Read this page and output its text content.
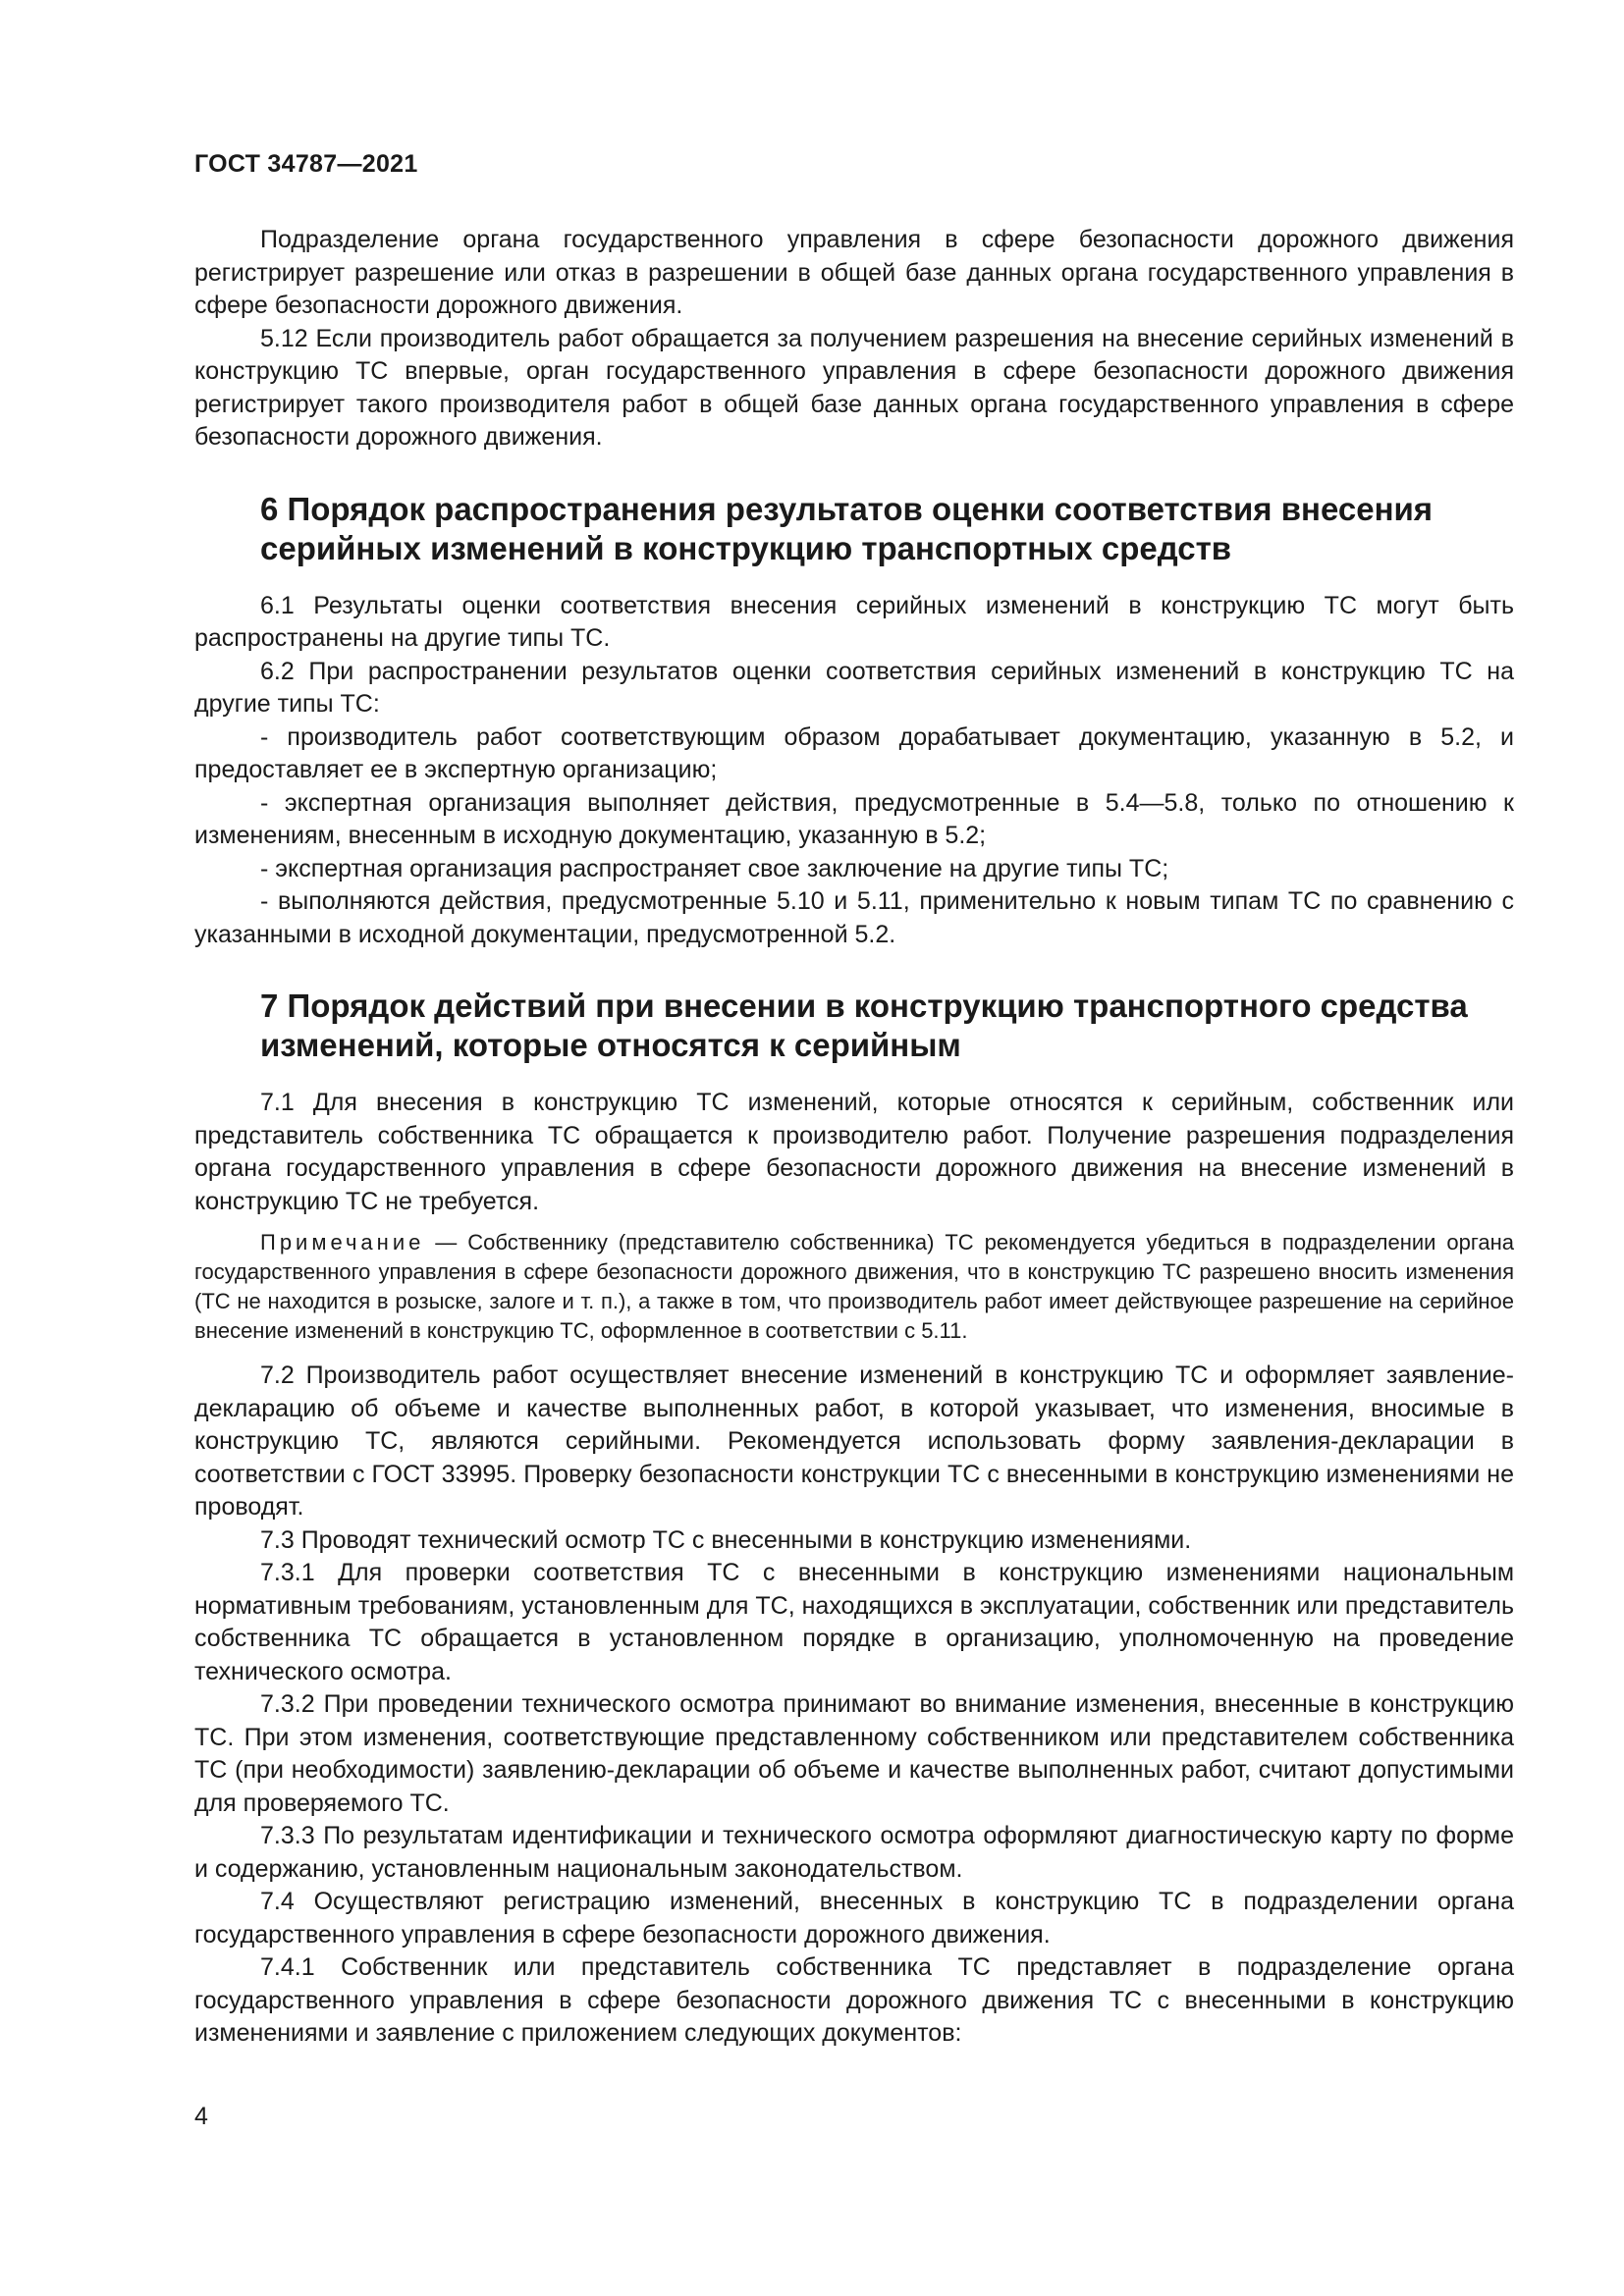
ГОСТ 34787—2021

Подразделение органа государственного управления в сфере безопасности дорожного движения регистрирует разрешение или отказ в разрешении в общей базе данных органа государственного управления в сфере безопасности дорожного движения.

5.12 Если производитель работ обращается за получением разрешения на внесение серийных изменений в конструкцию ТС впервые, орган государственного управления в сфере безопасности дорожного движения регистрирует такого производителя работ в общей базе данных органа государственного управления в сфере безопасности дорожного движения.

6 Порядок распространения результатов оценки соответствия внесения
серийных изменений в конструкцию транспортных средств

6.1 Результаты оценки соответствия внесения серийных изменений в конструкцию ТС могут быть распространены на другие типы ТС.

6.2 При распространении результатов оценки соответствия серийных изменений в конструкцию ТС на другие типы ТС:

- производитель работ соответствующим образом дорабатывает документацию, указанную в 5.2, и предоставляет ее в экспертную организацию;

- экспертная организация выполняет действия, предусмотренные в 5.4—5.8, только по отношению к изменениям, внесенным в исходную документацию, указанную в 5.2;

- экспертная организация распространяет свое заключение на другие типы ТС;

- выполняются действия, предусмотренные 5.10 и 5.11, применительно к новым типам ТС по сравнению с указанными в исходной документации, предусмотренной 5.2.

7 Порядок действий при внесении в конструкцию транспортного средства
изменений, которые относятся к серийным

7.1 Для внесения в конструкцию ТС изменений, которые относятся к серийным, собственник или представитель собственника ТС обращается к производителю работ. Получение разрешения подразделения органа государственного управления в сфере безопасности дорожного движения на внесение изменений в конструкцию ТС не требуется.

Примечание — Собственнику (представителю собственника) ТС рекомендуется убедиться в подразделении органа государственного управления в сфере безопасности дорожного движения, что в конструкцию ТС разрешено вносить изменения (ТС не находится в розыске, залоге и т. п.), а также в том, что производитель работ имеет действующее разрешение на серийное внесение изменений в конструкцию ТС, оформленное в соответствии с 5.11.

7.2 Производитель работ осуществляет внесение изменений в конструкцию ТС и оформляет заявление-декларацию об объеме и качестве выполненных работ, в которой указывает, что изменения, вносимые в конструкцию ТС, являются серийными. Рекомендуется использовать форму заявления-декларации в соответствии с ГОСТ 33995. Проверку безопасности конструкции ТС с внесенными в конструкцию изменениями не проводят.

7.3 Проводят технический осмотр ТС с внесенными в конструкцию изменениями.

7.3.1 Для проверки соответствия ТС с внесенными в конструкцию изменениями национальным нормативным требованиям, установленным для ТС, находящихся в эксплуатации, собственник или представитель собственника ТС обращается в установленном порядке в организацию, уполномоченную на проведение технического осмотра.

7.3.2 При проведении технического осмотра принимают во внимание изменения, внесенные в конструкцию ТС. При этом изменения, соответствующие представленному собственником или представителем собственника ТС (при необходимости) заявлению-декларации об объеме и качестве выполненных работ, считают допустимыми для проверяемого ТС.

7.3.3 По результатам идентификации и технического осмотра оформляют диагностическую карту по форме и содержанию, установленным национальным законодательством.

7.4 Осуществляют регистрацию изменений, внесенных в конструкцию ТС в подразделении органа государственного управления в сфере безопасности дорожного движения.

7.4.1 Собственник или представитель собственника ТС представляет в подразделение органа государственного управления в сфере безопасности дорожного движения ТС с внесенными в конструкцию изменениями и заявление с приложением следующих документов:

4
